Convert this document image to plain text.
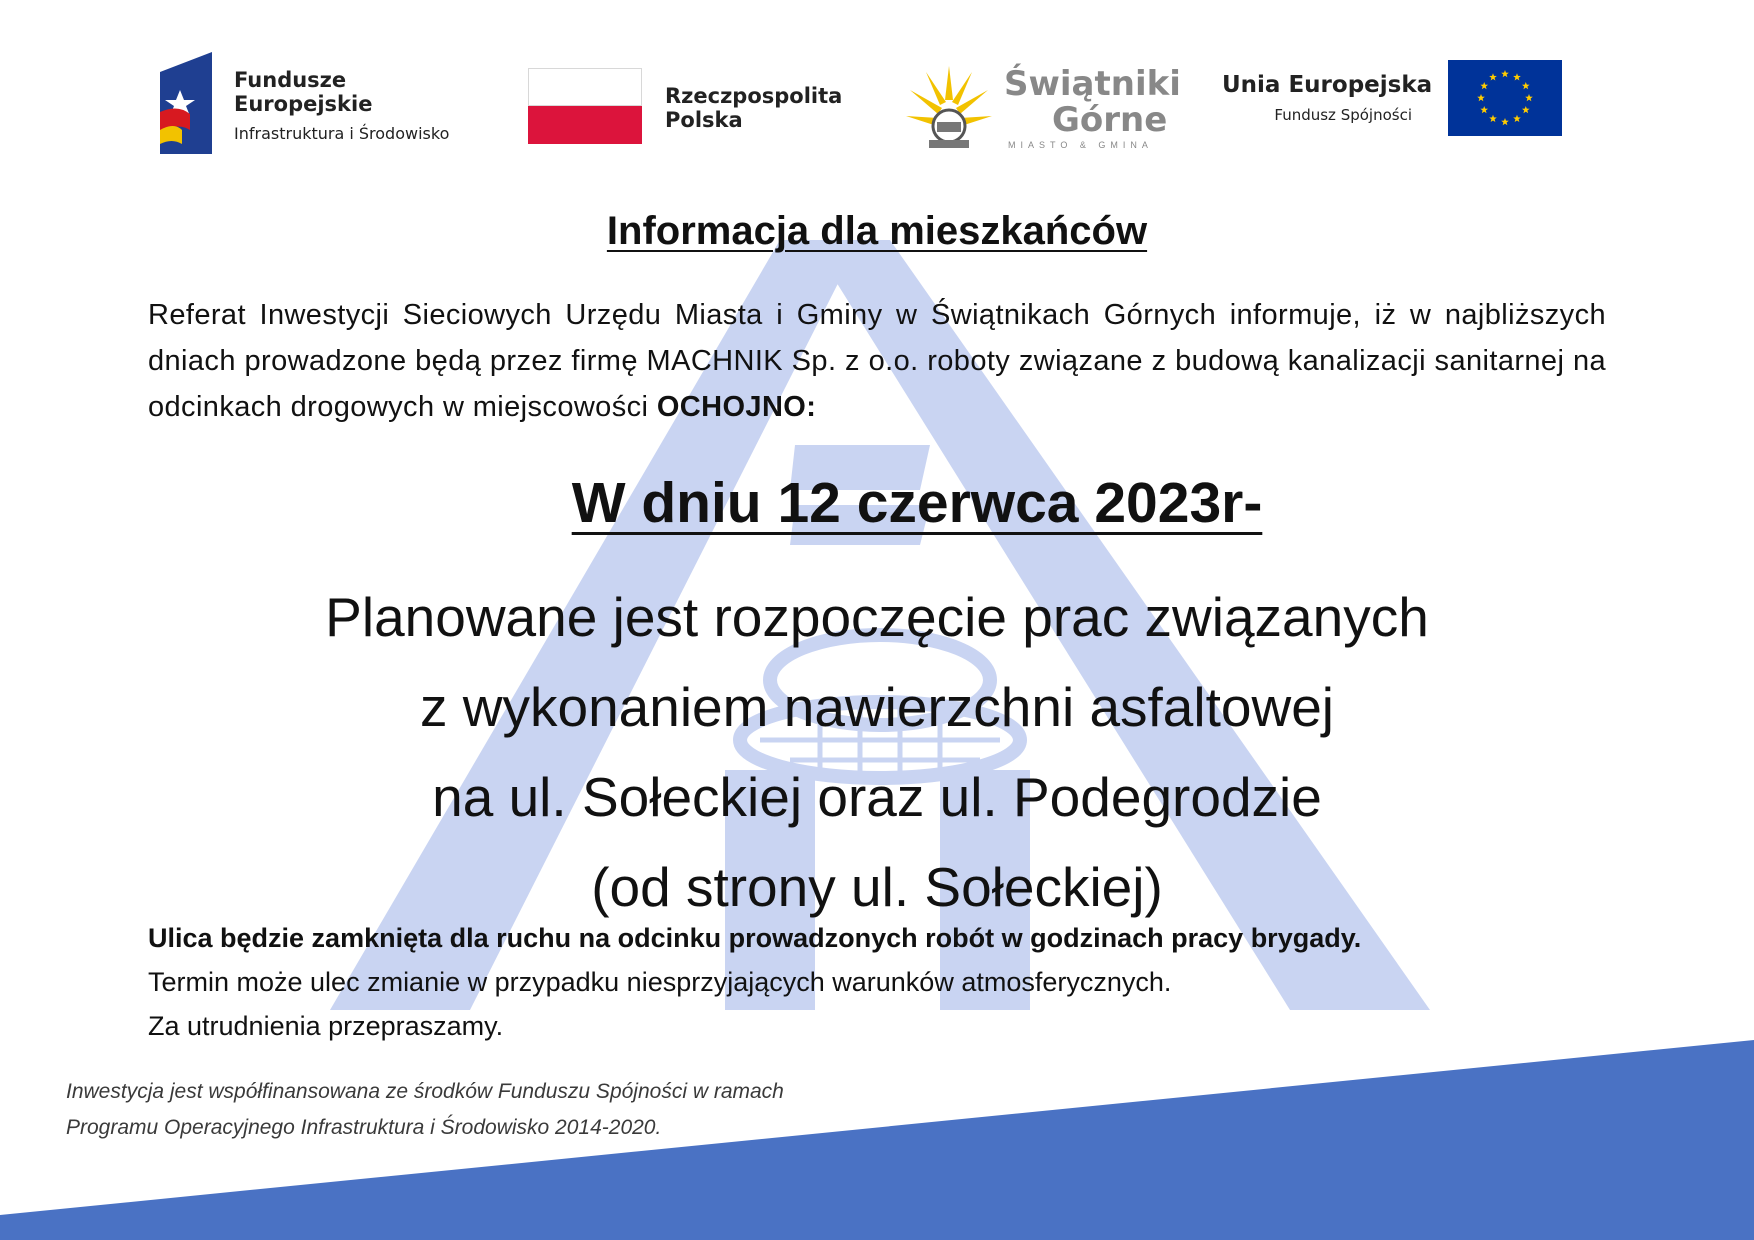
Fundusze
Europejskie
Infrastruktura i Środowisko
Rzeczpospolita
Polska
Świątniki
Górne
MIASTO & GMINA
Unia Europejska
Fundusz Spójności
Informacja dla mieszkańców
Referat Inwestycji Sieciowych Urzędu Miasta i Gminy w Świątnikach Górnych informuje, iż w najbliższych dniach prowadzone będą przez firmę MACHNIK Sp. z o.o. roboty związane z budową kanalizacji sanitarnej na odcinkach drogowych w miejscowości OCHOJNO:
W dniu 12 czerwca 2023r-
Planowane jest rozpoczęcie prac związanych
z wykonaniem nawierzchni asfaltowej
na ul. Sołeckiej oraz ul. Podegrodzie
(od strony ul. Sołeckiej)
Ulica będzie zamknięta dla ruchu na odcinku prowadzonych robót w godzinach pracy brygady.
Termin może ulec zmianie w przypadku niesprzyjających warunków atmosferycznych.
Za utrudnienia przepraszamy.
Inwestycja jest współfinansowana ze środków Funduszu Spójności w ramach
Programu Operacyjnego Infrastruktura i Środowisko 2014-2020.
